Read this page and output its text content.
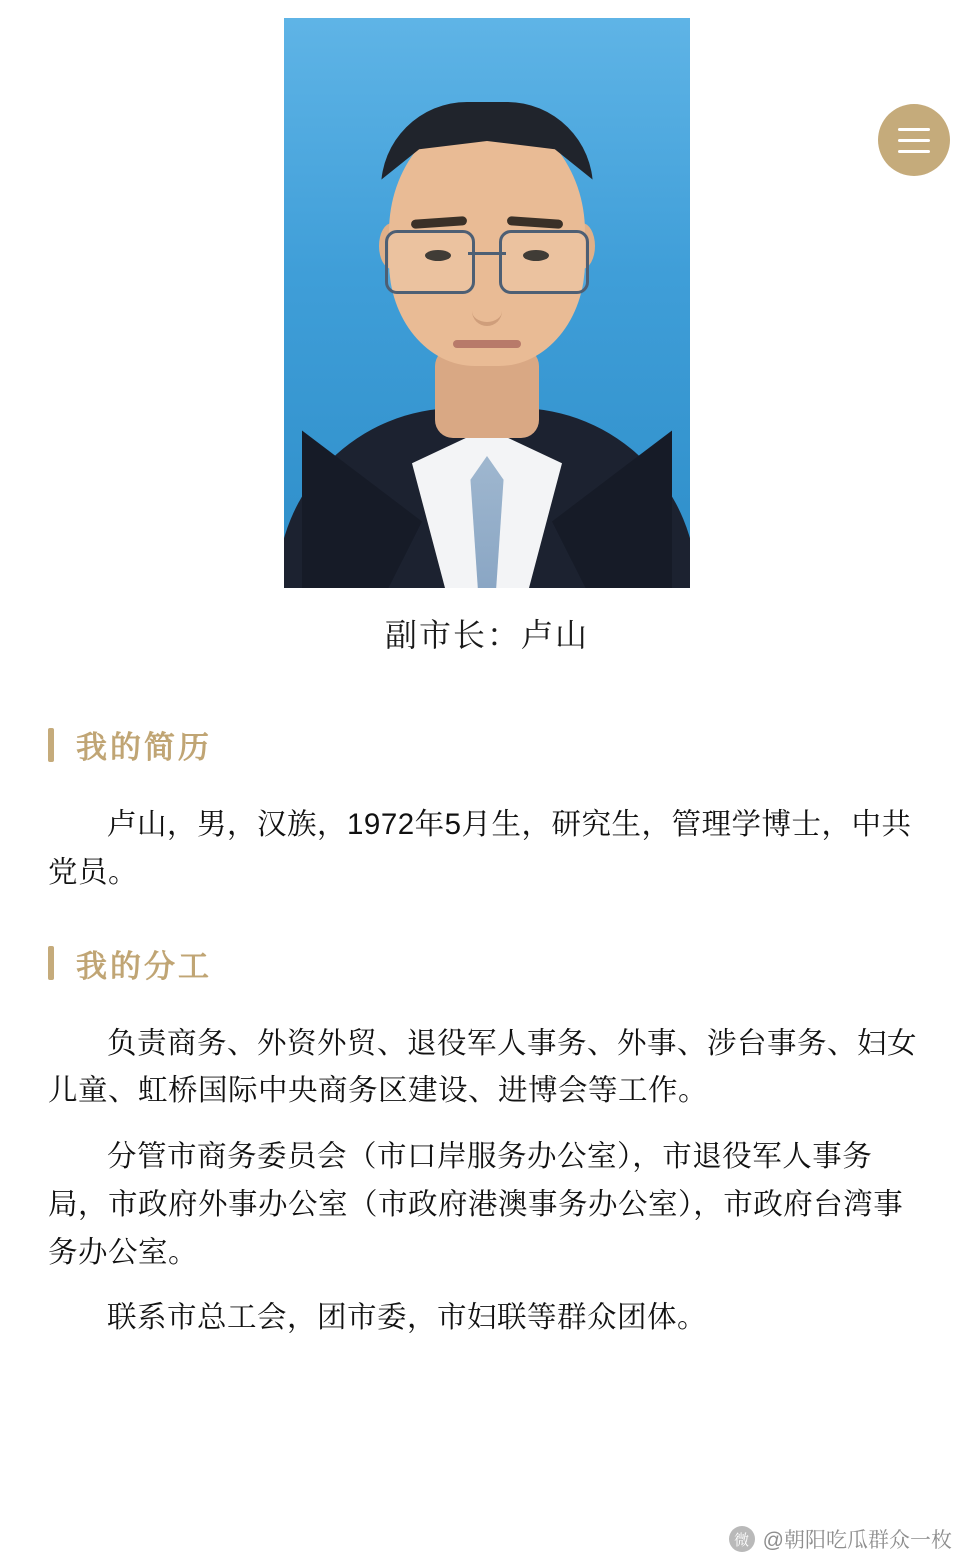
副市长：卢山
我的简历

卢山，男，汉族，1972年5月生，研究生，管理学博士，中共党员。

我的分工

负责商务、外资外贸、退役军人事务、外事、涉台事务、妇女儿童、虹桥国际中央商务区建设、进博会等工作。

分管市商务委员会（市口岸服务办公室），市退役军人事务局，市政府外事办公室（市政府港澳事务办公室），市政府台湾事务办公室。

联系市总工会，团市委，市妇联等群众团体。

微 @朝阳吃瓜群众一枚
